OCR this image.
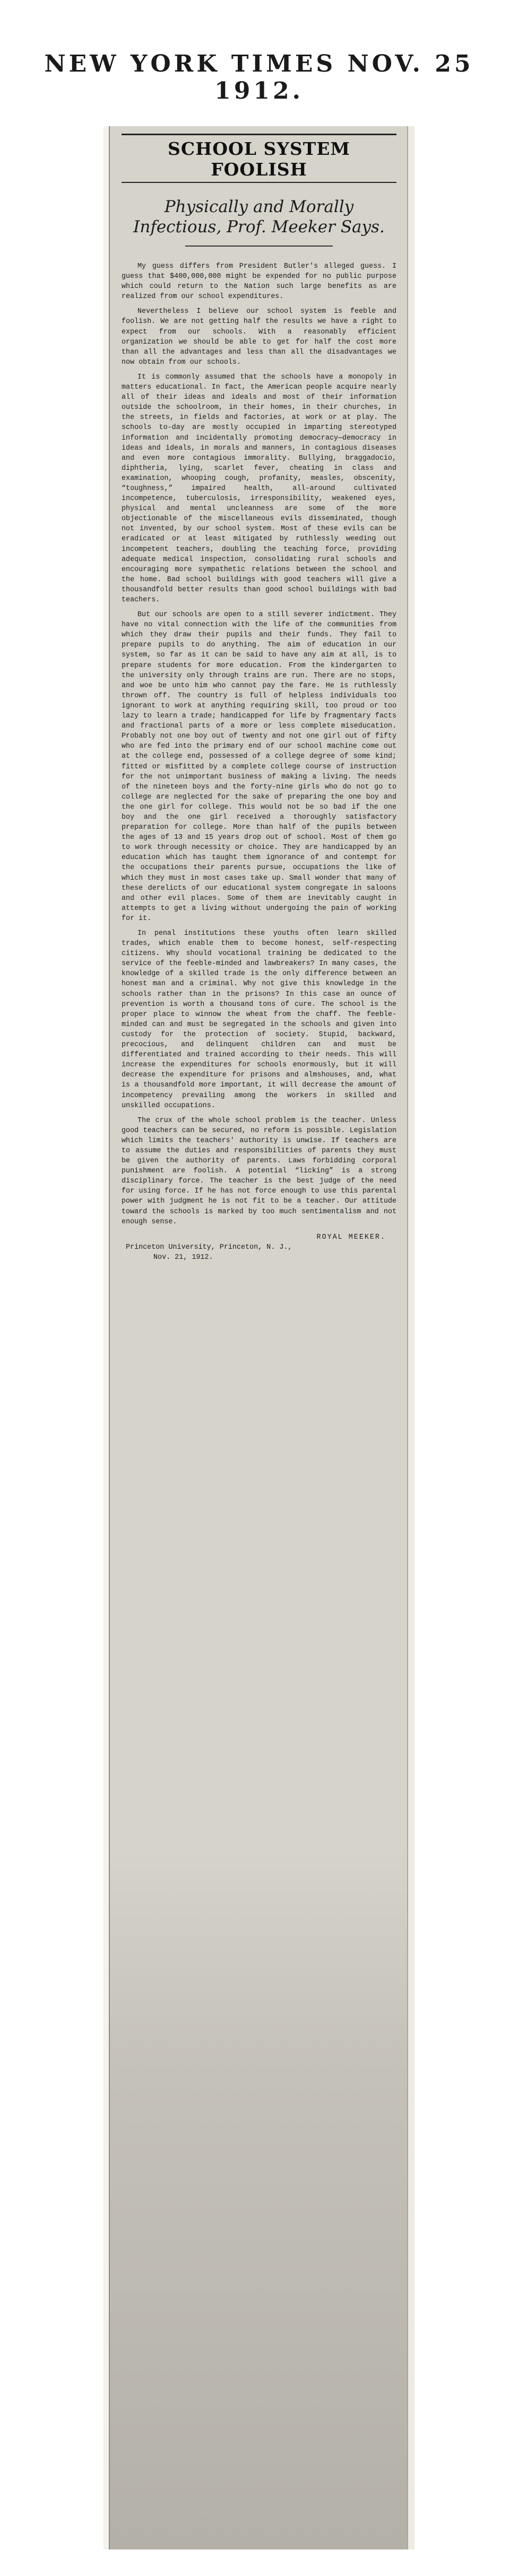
NEW YORK TIMES NOV. 25 1912.
SCHOOL SYSTEM FOOLISH
Physically and Morally Infectious, Prof. Meeker Says.

My guess differs from President Butler's alleged guess. I guess that $400,000,000 might be expended for no public purpose which could return to the Nation such large benefits as are realized from our school expenditures.

Nevertheless I believe our school system is feeble and foolish. We are not getting half the results we have a right to expect from our schools. With a reasonably efficient organization we should be able to get for half the cost more than all the advantages and less than all the disadvantages we now obtain from our schools.

It is commonly assumed that the schools have a monopoly in matters educational. In fact, the American people acquire nearly all of their ideas and ideals and most of their information outside the schoolroom, in their homes, in their churches, in the streets, in fields and factories, at work or at play. The schools to-day are mostly occupied in imparting stereotyped information and incidentally promoting democracy—democracy in ideas and ideals, in morals and manners, in contagious diseases and even more contagious immorality. Bullying, braggadocio, diphtheria, lying, scarlet fever, cheating in class and examination, whooping cough, profanity, measles, obscenity, “toughness,” impaired health, all-around cultivated incompetence, tuberculosis, irresponsibility, weakened eyes, physical and mental uncleanness are some of the more objectionable of the miscellaneous evils disseminated, though not invented, by our school system. Most of these evils can be eradicated or at least mitigated by ruthlessly weeding out incompetent teachers, doubling the teaching force, providing adequate medical inspection, consolidating rural schools and encouraging more sympathetic relations between the school and the home. Bad school buildings with good teachers will give a thousandfold better results than good school buildings with bad teachers.

But our schools are open to a still severer indictment. They have no vital connection with the life of the communities from which they draw their pupils and their funds. They fail to prepare pupils to do anything. The aim of education in our system, so far as it can be said to have any aim at all, is to prepare students for more education. From the kindergarten to the university only through trains are run. There are no stops, and woe be unto him who cannot pay the fare. He is ruthlessly thrown off. The country is full of helpless individuals too ignorant to work at anything requiring skill, too proud or too lazy to learn a trade; handicapped for life by fragmentary facts and fractional parts of a more or less complete miseducation. Probably not one boy out of twenty and not one girl out of fifty who are fed into the primary end of our school machine come out at the college end, possessed of a college degree of some kind; fitted or misfitted by a complete college course of instruction for the not unimportant business of making a living. The needs of the nineteen boys and the forty-nine girls who do not go to college are neglected for the sake of preparing the one boy and the one girl for college. This would not be so bad if the one boy and the one girl received a thoroughly satisfactory preparation for college. More than half of the pupils between the ages of 13 and 15 years drop out of school. Most of them go to work through necessity or choice. They are handicapped by an education which has taught them ignorance of and contempt for the occupations their parents pursue, occupations the like of which they must in most cases take up. Small wonder that many of these derelicts of our educational system congregate in saloons and other evil places. Some of them are inevitably caught in attempts to get a living without undergoing the pain of working for it.

In penal institutions these youths often learn skilled trades, which enable them to become honest, self-respecting citizens. Why should vocational training be dedicated to the service of the feeble-minded and lawbreakers? In many cases, the knowledge of a skilled trade is the only difference between an honest man and a criminal. Why not give this knowledge in the schools rather than in the prisons? In this case an ounce of prevention is worth a thousand tons of cure. The school is the proper place to winnow the wheat from the chaff. The feeble-minded can and must be segregated in the schools and given into custody for the protection of society. Stupid, backward, precocious, and delinquent children can and must be differentiated and trained according to their needs. This will increase the expenditures for schools enormously, but it will decrease the expenditure for prisons and almshouses, and, what is a thousandfold more important, it will decrease the amount of incompetency prevailing among the workers in skilled and unskilled occupations.

The crux of the whole school problem is the teacher. Unless good teachers can be secured, no reform is possible. Legislation which limits the teachers' authority is unwise. If teachers are to assume the duties and responsibilities of parents they must be given the authority of parents. Laws forbidding corporal punishment are foolish. A potential “licking” is a strong disciplinary force. The teacher is the best judge of the need for using force. If he has not force enough to use this parental power with judgment he is not fit to be a teacher. Our attitude toward the schools is marked by too much sentimentalism and not enough sense.

ROYAL MEEKER.
Princeton University, Princeton, N. J.,
Nov. 21, 1912.
